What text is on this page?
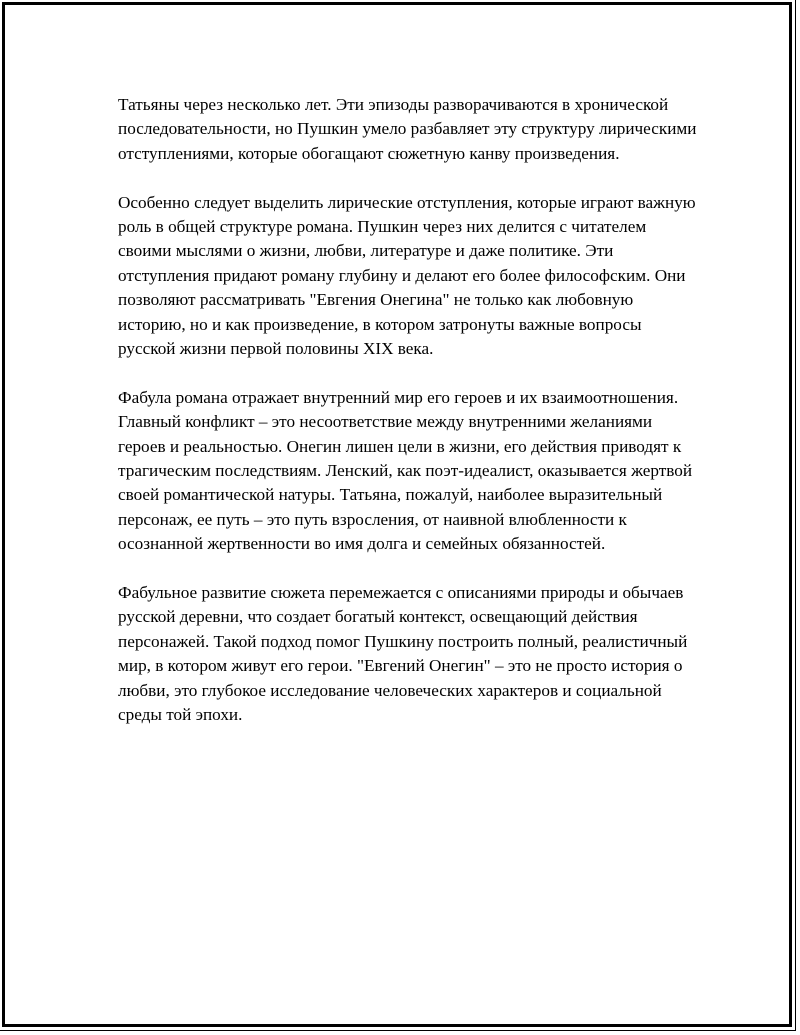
Татьяны через несколько лет. Эти эпизоды разворачиваются в хронической последовательности, но Пушкин умело разбавляет эту структуру лирическими отступлениями, которые обогащают сюжетную канву произведения.

Особенно следует выделить лирические отступления, которые играют важную роль в общей структуре романа. Пушкин через них делится с читателем своими мыслями о жизни, любви, литературе и даже политике. Эти отступления придают роману глубину и делают его более философским. Они позволяют рассматривать "Евгения Онегина" не только как любовную историю, но и как произведение, в котором затронуты важные вопросы русской жизни первой половины XIX века.

Фабула романа отражает внутренний мир его героев и их взаимоотношения. Главный конфликт – это несоответствие между внутренними желаниями героев и реальностью. Онегин лишен цели в жизни, его действия приводят к трагическим последствиям. Ленский, как поэт-идеалист, оказывается жертвой своей романтической натуры. Татьяна, пожалуй, наиболее выразительный персонаж, ее путь – это путь взросления, от наивной влюбленности к осознанной жертвенности во имя долга и семейных обязанностей.

Фабульное развитие сюжета перемежается с описаниями природы и обычаев русской деревни, что создает богатый контекст, освещающий действия персонажей. Такой подход помог Пушкину построить полный, реалистичный мир, в котором живут его герои. "Евгений Онегин" – это не просто история о любви, это глубокое исследование человеческих характеров и социальной среды той эпохи.
